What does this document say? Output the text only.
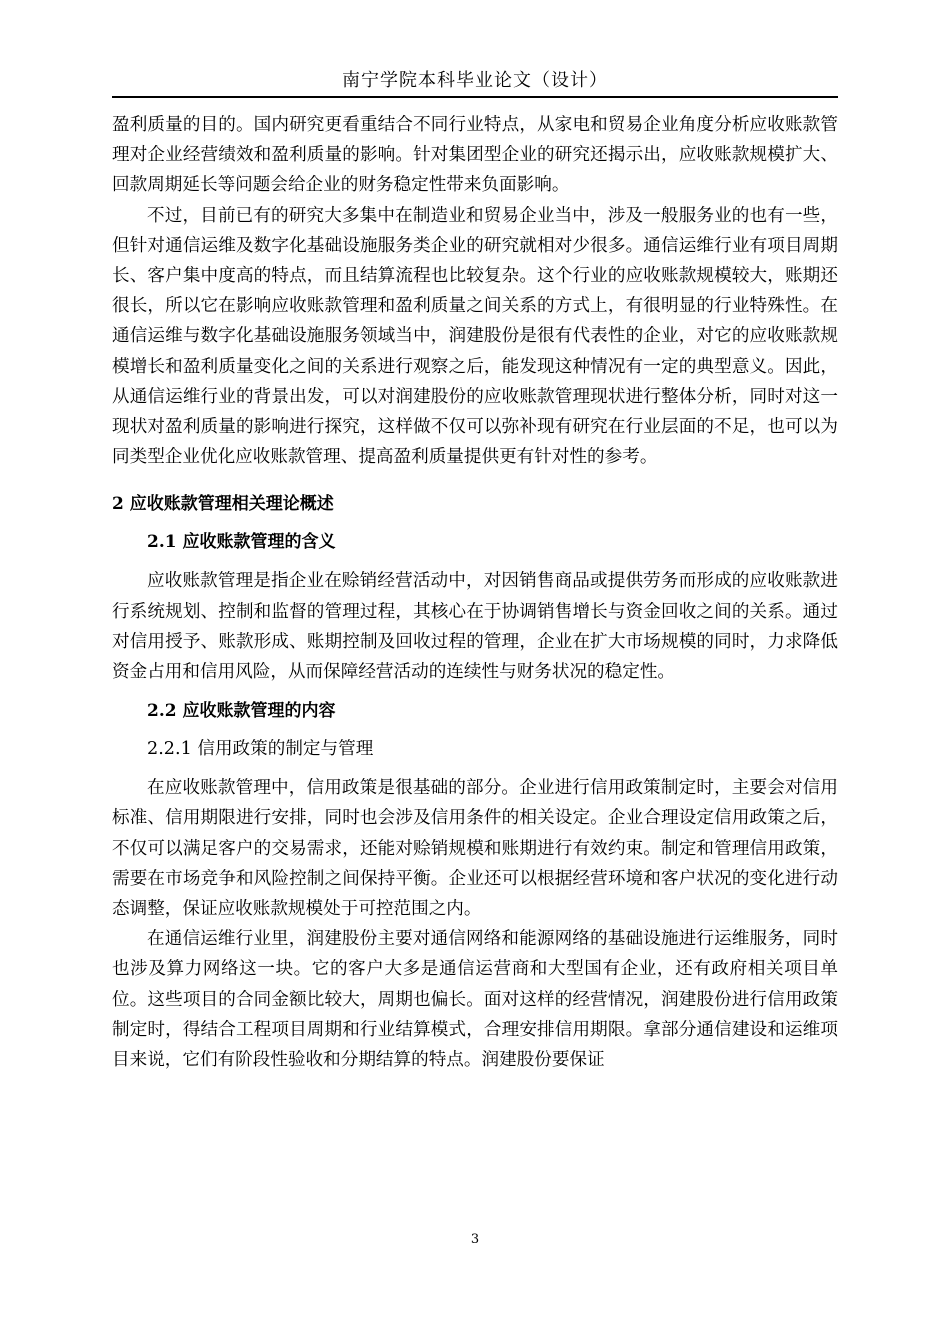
南宁学院本科毕业论文（设计）

盈利质量的目的。国内研究更看重结合不同行业特点，从家电和贸易企业角度分析应收账款管理对企业经营绩效和盈利质量的影响。针对集团型企业的研究还揭示出，应收账款规模扩大、回款周期延长等问题会给企业的财务稳定性带来负面影响。

不过，目前已有的研究大多集中在制造业和贸易企业当中，涉及一般服务业的也有一些，但针对通信运维及数字化基础设施服务类企业的研究就相对少很多。通信运维行业有项目周期长、客户集中度高的特点，而且结算流程也比较复杂。这个行业的应收账款规模较大，账期还很长，所以它在影响应收账款管理和盈利质量之间关系的方式上，有很明显的行业特殊性。在通信运维与数字化基础设施服务领域当中，润建股份是很有代表性的企业，对它的应收账款规模增长和盈利质量变化之间的关系进行观察之后，能发现这种情况有一定的典型意义。因此，从通信运维行业的背景出发，可以对润建股份的应收账款管理现状进行整体分析，同时对这一现状对盈利质量的影响进行探究，这样做不仅可以弥补现有研究在行业层面的不足，也可以为同类型企业优化应收账款管理、提高盈利质量提供更有针对性的参考。

2 应收账款管理相关理论概述
2.1 应收账款管理的含义

应收账款管理是指企业在赊销经营活动中，对因销售商品或提供劳务而形成的应收账款进行系统规划、控制和监督的管理过程，其核心在于协调销售增长与资金回收之间的关系。通过对信用授予、账款形成、账期控制及回收过程的管理，企业在扩大市场规模的同时，力求降低资金占用和信用风险，从而保障经营活动的连续性与财务状况的稳定性。

2.2 应收账款管理的内容
2.2.1 信用政策的制定与管理

在应收账款管理中，信用政策是很基础的部分。企业进行信用政策制定时，主要会对信用标准、信用期限进行安排，同时也会涉及信用条件的相关设定。企业合理设定信用政策之后，不仅可以满足客户的交易需求，还能对赊销规模和账期进行有效约束。制定和管理信用政策，需要在市场竞争和风险控制之间保持平衡。企业还可以根据经营环境和客户状况的变化进行动态调整，保证应收账款规模处于可控范围之内。

在通信运维行业里，润建股份主要对通信网络和能源网络的基础设施进行运维服务，同时也涉及算力网络这一块。它的客户大多是通信运营商和大型国有企业，还有政府相关项目单位。这些项目的合同金额比较大，周期也偏长。面对这样的经营情况，润建股份进行信用政策制定时，得结合工程项目周期和行业结算模式，合理安排信用期限。拿部分通信建设和运维项目来说，它们有阶段性验收和分期结算的特点。润建股份要保证

3
